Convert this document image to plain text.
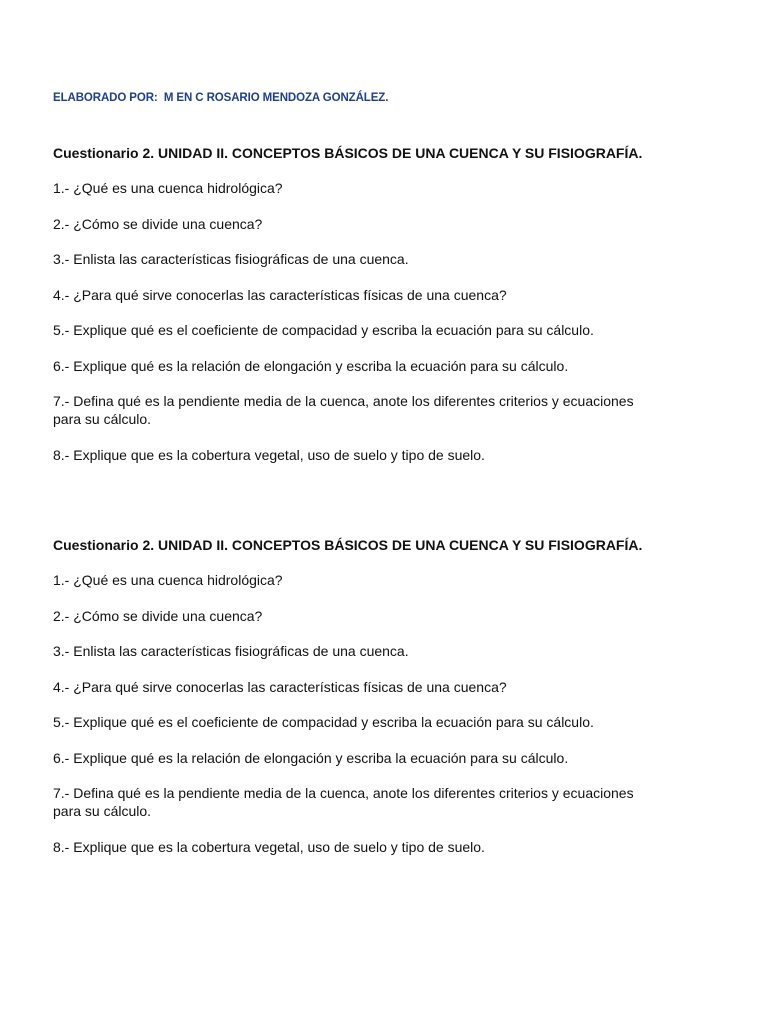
ELABORADO POR:  M EN C ROSARIO MENDOZA GONZÁLEZ.
Cuestionario 2. UNIDAD II. CONCEPTOS BÁSICOS DE UNA CUENCA Y SU FISIOGRAFÍA.
1.- ¿Qué es una cuenca hidrológica?
2.- ¿Cómo se divide una cuenca?
3.- Enlista las características fisiográficas de una cuenca.
4.- ¿Para qué sirve conocerlas las características físicas de una cuenca?
5.- Explique qué es el coeficiente de compacidad y escriba la ecuación para su cálculo.
6.- Explique qué es la relación de elongación y escriba la ecuación para su cálculo.
7.- Defina qué es la pendiente media de la cuenca, anote los diferentes criterios y ecuaciones
para su cálculo.
8.- Explique que es la cobertura vegetal, uso de suelo y tipo de suelo.
Cuestionario 2. UNIDAD II. CONCEPTOS BÁSICOS DE UNA CUENCA Y SU FISIOGRAFÍA.
1.- ¿Qué es una cuenca hidrológica?
2.- ¿Cómo se divide una cuenca?
3.- Enlista las características fisiográficas de una cuenca.
4.- ¿Para qué sirve conocerlas las características físicas de una cuenca?
5.- Explique qué es el coeficiente de compacidad y escriba la ecuación para su cálculo.
6.- Explique qué es la relación de elongación y escriba la ecuación para su cálculo.
7.- Defina qué es la pendiente media de la cuenca, anote los diferentes criterios y ecuaciones
para su cálculo.
8.- Explique que es la cobertura vegetal, uso de suelo y tipo de suelo.
